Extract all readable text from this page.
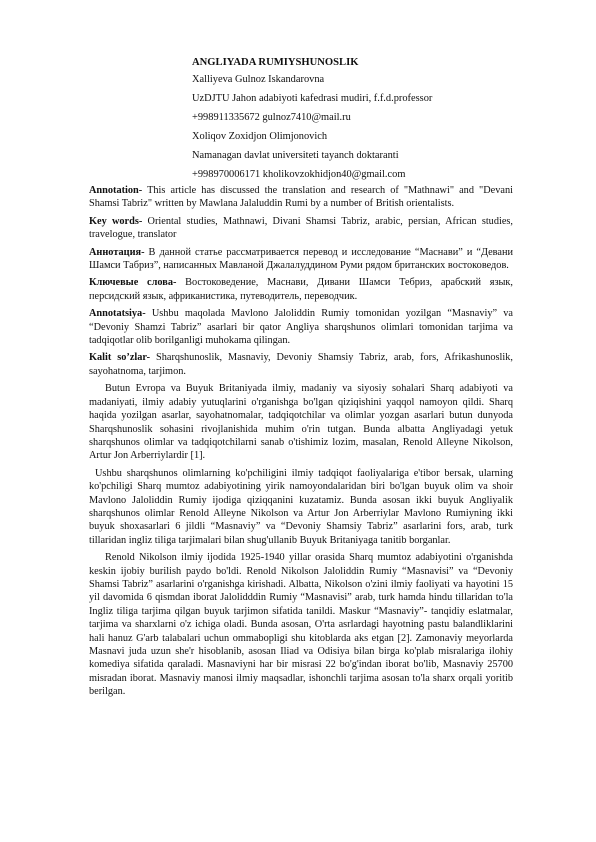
ANGLIYADA RUMIYSHUNOSLIK
Xalliyeva Gulnoz Iskandarovna
UzDJTU Jahon adabiyoti kafedrasi mudiri, f.f.d.professor
+998911335672 gulnoz7410@mail.ru
Xoliqov Zoxidjon Olimjonovich
Namanagan davlat universiteti tayanch doktaranti
+998970006171 kholikovzokhidjon40@gmail.com

Annotation- This article has discussed the translation and research of "Mathnawi" and "Devani Shamsi Tabriz" written by Mawlana Jalaluddin Rumi by a number of British orientalists.

Key words- Oriental studies, Mathnawi, Divani Shamsi Tabriz, arabic, persian, African studies, travelogue, translator

Аннотация- В данной статье рассматривается перевод и исследование “Маснави” и “Девани Шамси Табриз”, написанных Мавланой Джалалуддином Руми рядом британских востоковедов.

Ключевые слова- Востоковедение, Маснави, Дивани Шамси Тебриз, арабский язык, персидский язык, африканистика, путеводитель, переводчик.

Annotatsiya- Ushbu maqolada Mavlono Jaloliddin Rumiy tomonidan yozilgan “Masnaviy” va “Devoniy Shamzi Tabriz” asarlari bir qator Angliya sharqshunos olimlari tomonidan tarjima va tadqiqotlar olib borilganligi muhokama qilingan.

Kalit so’zlar- Sharqshunoslik, Masnaviy, Devoniy Shamsiy Tabriz, arab, fors, Afrikashunoslik, sayohatnoma, tarjimon.

Butun Evropa va Buyuk Britaniyada ilmiy, madaniy va siyosiy sohalari Sharq adabiyoti va madaniyati, ilmiy adabiy yutuqlarini o'rganishga bo'lgan qiziqishini yaqqol namoyon qildi. Sharq haqida yozilgan asarlar, sayohatnomalar, tadqiqotchilar va olimlar yozgan asarlari butun dunyoda Sharqshunoslik sohasini rivojlanishida muhim o'rin tutgan. Bunda albatta Angliyadagi yetuk sharqshunos olimlar va tadqiqotchilarni sanab o'tishimiz lozim, masalan, Renold Alleyne Nikolson, Artur Jon Arberriylardir [1].

Ushbu sharqshunos olimlarning ko'pchiligini ilmiy tadqiqot faoliyalariga e'tibor bersak, ularning ko'pchiligi Sharq mumtoz adabiyotining yirik namoyondalaridan biri bo'lgan buyuk olim va shoir Mavlono Jaloliddin Rumiy ijodiga qiziqqanini kuzatamiz. Bunda asosan ikki buyuk Angliyalik sharqshunos olimlar Renold Alleyne Nikolson va Artur Jon Arberriylar Mavlono Rumiyning ikki buyuk shoxasarlari 6 jildli “Masnaviy” va “Devoniy Shamsiy Tabriz” asarlarini fors, arab, turk tillaridan ingliz tiliga tarjimalari bilan shug'ullanib Buyuk Britaniyaga tanitib borganlar.

Renold Nikolson ilmiy ijodida 1925-1940 yillar orasida Sharq mumtoz adabiyotini o'rganishda keskin ijobiy burilish paydo bo'ldi. Renold Nikolson Jaloliddin Rumiy “Masnavisi” va “Devoniy Shamsi Tabriz” asarlarini o'rganishga kirishadi. Albatta, Nikolson o'zini ilmiy faoliyati va hayotini 15 yil davomida 6 qismdan iborat Jalolidddin Rumiy “Masnavisi” arab, turk hamda hindu tillaridan to'la Ingliz tiliga tarjima qilgan buyuk tarjimon sifatida tanildi. Maskur “Masnaviy”- tanqidiy eslatmalar, tarjima va sharxlarni o'z ichiga oladi. Bunda asosan, O'rta asrlardagi hayotning pastu balandliklarini hali hanuz G'arb talabalari uchun ommabopligi shu kitoblarda aks etgan [2]. Zamonaviy meyorlarda Masnavi juda uzun she'r hisoblanib, asosan Iliad va Odisiya bilan birga ko'plab misralariga ilohiy komediya sifatida qaraladi. Masnaviyni har bir misrasi 22 bo'g'indan iborat bo'lib, Masnaviy 25700 misradan iborat. Masnaviy manosi ilmiy maqsadlar, ishonchli tarjima asosan to'la sharx orqali yoritib berilgan.
